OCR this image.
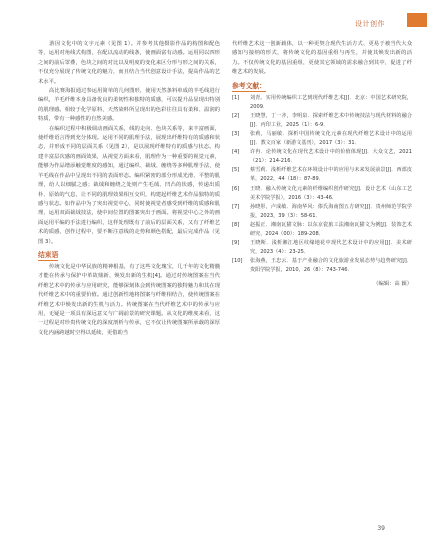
设计创作

游因文化中的文字元素（见图 1）。并参考其他摄影作品的构图和配色等，运用对角线式构图，在配以流动的线条，使画面富有动感。运用同以四形之间的前后罩叠，色块之间的对比以及明度的变化来区分形与形之间的关系，不仅充分展现了传统文化的魅力，而且结合当代创意设计手法，提高作品的艺术水平。

高比赛海报通过参运用简单的几何图形，使用天然条料单成的羊毛线进行编织，羊毛纤维本身具备优良的柔韧性和独特的质感，可以提升品显现出特别的肌理感。相较于化学原料，天然染料所呈现出的色彩往往具有柔和、温润的特质，带有一种感性的自然美感。

在编织过程中积极调动画面关系，线的走向、色块关系等，来丰富画面，使纤维语言得到充分体现。运用不同的肌理手法，展现出纤维特有的质感和状态，并形成不同的层面关系（见图 2），是以展现纤维特有的质感与状态。构建丰富层次感的画面效果，从视觉方面来看，肌理作为一种重要的视觉元素，能够为作品增添触觉维度的感知，通过编织、裁绒、缠绕等多种肌理手法，使羊毛线在作品中呈现出不同的表面形态。编织紧密的部分形成光滑、平整的肌理，给人以细腻之感；裁绒和缠绕之处则产生毛绒、凹凸的状感，传递出质朴、原始的气息，让不同的肌理效果相互交织，构建起纤维艺术作品独特的质感与状态。如作品中为了突出视觉中心，同时使视觉者感受到纤维的质感和肌理，运用双面裁绒技法，使中间位置的图案突出于画面。将视觉中心之外的画面运用平编的手法进行编织，这样处理既有了前后的层面关系，又有了纤维艺术的质感，创作过程中，要不断注意线的走势和颜色搭配，最后完成作品（见图 3）。

结束语

传统文化是中华民族的精神根基，有了这些文化瑰宝，几千年的文化精髓才能在传承与保护中革故鼎新、焕发出新的生机[4]。通过对传统图案在当代纤维艺术中的传承与应用研究，能够深刻体会到传统图案的独特魅力和其在现代纤维艺术中的重要价值。通过创新性地将图案与纤维相结合，使传统图案在纤维艺术中焕发出新的生机与活力。传统图案在当代纤维艺术中的传承与应用，无疑是一项具有深远意义与广阔前景的研究课题。从文化的维度来看，这一过程是对珍贵传统文化的深度剖析与传承，它不仅让传统图案所承载的深厚文化内涵跨越时空得以延续，更借助当

代纤维艺术这一创新载体，以一种更契合现代生活方式、更易于被当代大众感知与接纳的形式，将传统文化的基因重组与再生，并使其焕发出新的活力。不仅传统文化的基因重组，更使其它领域的需求融合到其中，促进了纤维艺术的发展。

参考文献：
[1]	刘青。实用传统编织工艺到现代纤维艺术[J]．北京：中国艺术研究院，2009．
[2]	王晓慧，丁一齐，李明泉．探索纤维艺术中传统技法与现代材料的融合[J]．丙印工业，2025（1）：6-9．
[3]	张莉，马丽敏．探析中国传统文化元素在现代纤维艺术设计中的运用[J]．教文百家（新游文基刊），2017（3）：31．
[4]	许冉．论传统文化在现代艺术设计中的价值体现[J]．大众文艺，2021（21）：214-216．
[5]	蔡雪莉．浅析纤维艺术在环境设计中的应用与未来发展前景[J]．西部皮革，2022，44（18）：87-89．
[6]	王晓．融入传统文化元素的纤维编织创作研究[J]．设计艺术（山东工艺美术学院学报），2016（3）：43-46．
[7]	孙晓彤，卢成敏．海南华风：傣氏海南图五方研究[J]．贵州师范学院学报，2023，39（3）：58-61．
[8]	赵振正．湘南瓦猫文脉：以东京瓷旅工法湘南瓦猫文为例[J]．装饰艺术研究，2024（00）：189-208．
[9]	王晓斯．浅析湘江地区纹缘地花中现代艺术设计中的应用[J]．美术研究，2023（4）：23-25．
[10]	张海燕，王忠云．基于产业融合的文化旅游业发展态势与趋势研究[J]．贵阳学院学报，2010，26（8）：743-746．
（编辑：高 颖）
39
